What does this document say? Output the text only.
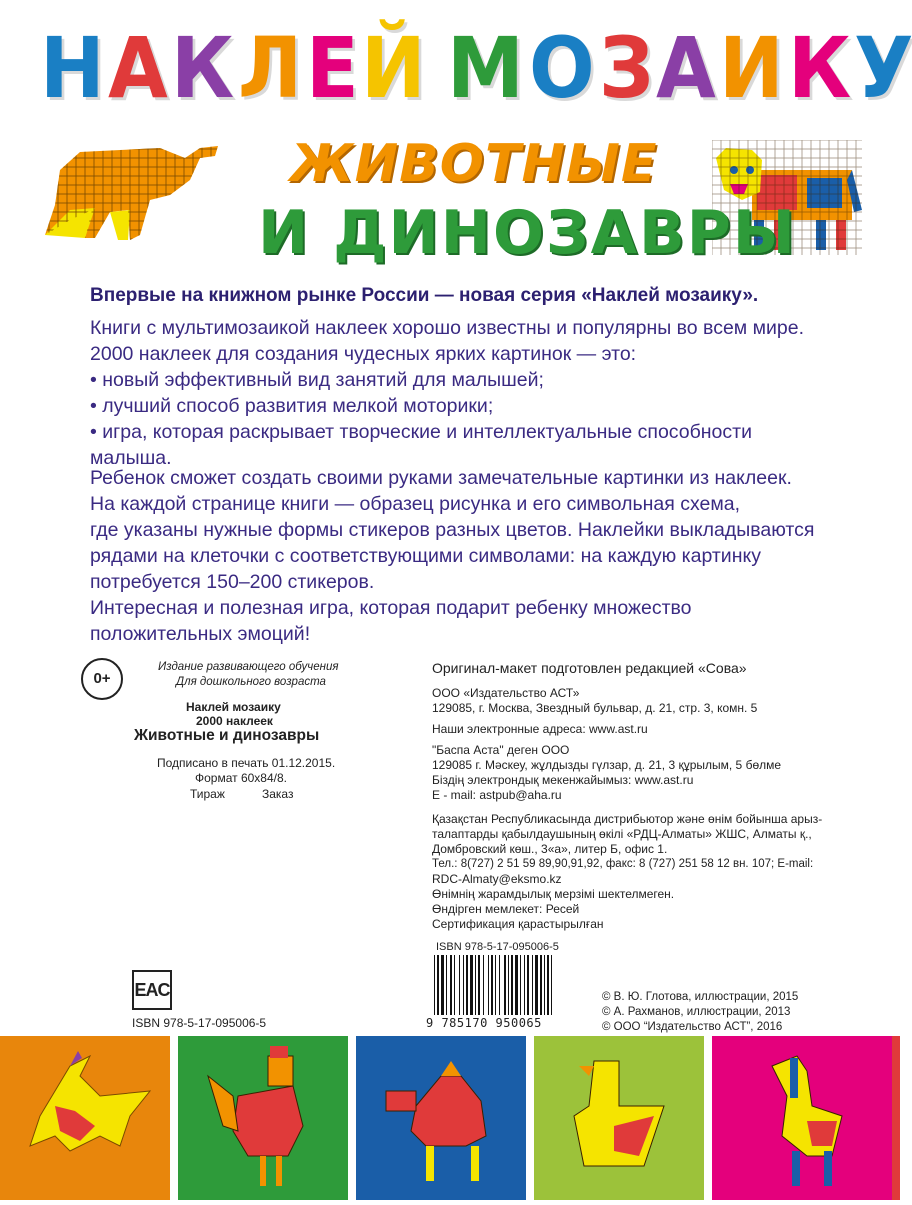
Н А К Л Е Й М О З А И К У
ЖИВОТНЫЕ
И ДИНОЗАВРЫ
Впервые на книжном рынке России — новая серия «Наклей мозаику».
Книги с мультимозаикой наклеек хорошо известны и популярны во всем мире.
2000 наклеек для создания чудесных ярких картинок — это:
• новый эффективный вид занятий для малышей;
• лучший способ развития мелкой моторики;
• игра, которая раскрывает творческие и интеллектуальные способности
малыша.
Ребенок сможет создать своими руками замечательные картинки из наклеек.
На каждой странице книги — образец рисунка и его символьная схема,
где указаны нужные формы стикеров разных цветов. Наклейки выкладываются
рядами на клеточки с соответствующими символами: на каждую картинку
потребуется 150–200 стикеров.
Интересная и полезная игра, которая подарит ребенку множество
положительных эмоций!
0+
Издание развивающего обучения
Для дошкольного возраста
Наклей мозаику
2000 наклеек
Животные и динозавры
Подписано в печать 01.12.2015.
Формат 60х84/8.
Тираж	Заказ
EAC
ISBN 978-5-17-095006-5
Оригинал-макет подготовлен редакцией «Сова»
ООО «Издательство АСТ»
129085, г. Москва, Звездный бульвар, д. 21, стр. 3, комн. 5
Наши электронные адреса: www.ast.ru
"Баспа Аста" деген ООО
129085 г. Мәскеу, жұлдызды гүлзар, д. 21, 3 құрылым, 5 бөлме
Біздің электрондық мекенжайымыз: www.ast.ru
E - mail: astpub@aha.ru
Қазақстан Республикасында дистрибьютор және өнім бойынша арыз-
талаптарды қабылдаушының өкілі «РДЦ-Алматы» ЖШС, Алматы қ.,
Домбровский көш., 3«а», литер Б, офис 1.
Тел.: 8(727) 2 51 59 89,90,91,92, факс: 8 (727) 251 58 12 вн. 107; E-mail:
RDC-Almaty@eksmo.kz
Өнімнің жарамдылық мерзімі шектелмеген.
Өндірген мемлекет: Ресей
Сертификация қарастырылған
ISBN 978-5-17-095006-5
9 785170 950065
© В. Ю. Глотова, иллюстрации, 2015
© А. Рахманов, иллюстрации, 2013
© ООО “Издательство АСТ”, 2016
